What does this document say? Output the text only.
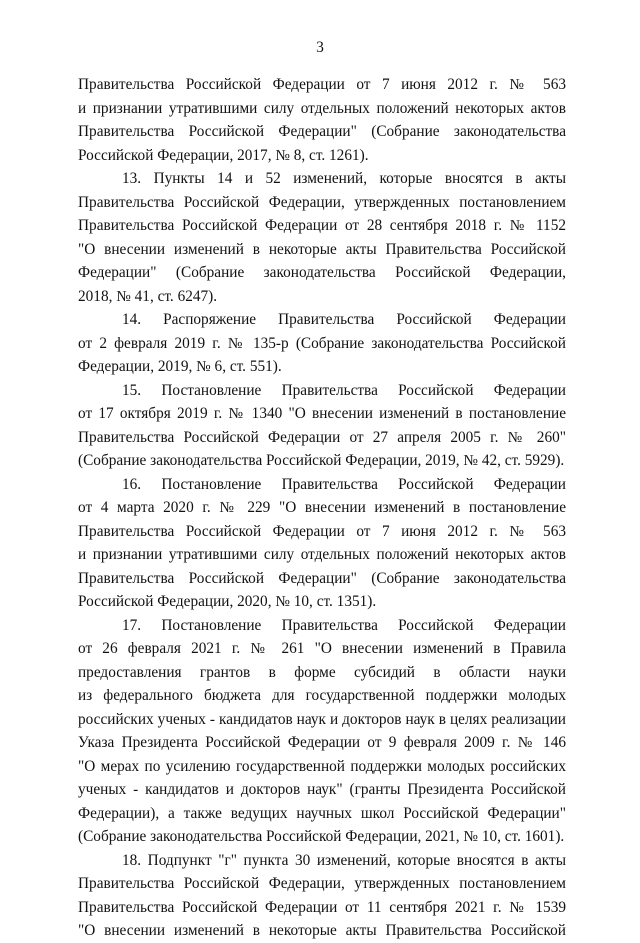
3
Правительства Российской Федерации от 7 июня 2012 г. № 563
и признании утратившими силу отдельных положений некоторых актов
Правительства Российской Федерации" (Собрание законодательства
Российской Федерации, 2017, № 8, ст. 1261).
13. Пункты 14 и 52 изменений, которые вносятся в акты
Правительства Российской Федерации, утвержденных постановлением
Правительства Российской Федерации от 28 сентября 2018 г. № 1152
"О внесении изменений в некоторые акты Правительства Российской
Федерации" (Собрание законодательства Российской Федерации,
2018, № 41, ст. 6247).
14. Распоряжение Правительства Российской Федерации
от 2 февраля 2019 г. № 135-р (Собрание законодательства Российской
Федерации, 2019, № 6, ст. 551).
15. Постановление Правительства Российской Федерации
от 17 октября 2019 г. № 1340 "О внесении изменений в постановление
Правительства Российской Федерации от 27 апреля 2005 г. № 260"
(Собрание законодательства Российской Федерации, 2019, № 42, ст. 5929).
16. Постановление Правительства Российской Федерации
от 4 марта 2020 г. № 229 "О внесении изменений в постановление
Правительства Российской Федерации от 7 июня 2012 г. № 563
и признании утратившими силу отдельных положений некоторых актов
Правительства Российской Федерации" (Собрание законодательства
Российской Федерации, 2020, № 10, ст. 1351).
17. Постановление Правительства Российской Федерации
от 26 февраля 2021 г. № 261 "О внесении изменений в Правила
предоставления грантов в форме субсидий в области науки
из федерального бюджета для государственной поддержки молодых
российских ученых - кандидатов наук и докторов наук в целях реализации
Указа Президента Российской Федерации от 9 февраля 2009 г. № 146
"О мерах по усилению государственной поддержки молодых российских
ученых - кандидатов и докторов наук" (гранты Президента Российской
Федерации), а также ведущих научных школ Российской Федерации"
(Собрание законодательства Российской Федерации, 2021, № 10, ст. 1601).
18. Подпункт "г" пункта 30 изменений, которые вносятся в акты
Правительства Российской Федерации, утвержденных постановлением
Правительства Российской Федерации от 11 сентября 2021 г. № 1539
"О внесении изменений в некоторые акты Правительства Российской
